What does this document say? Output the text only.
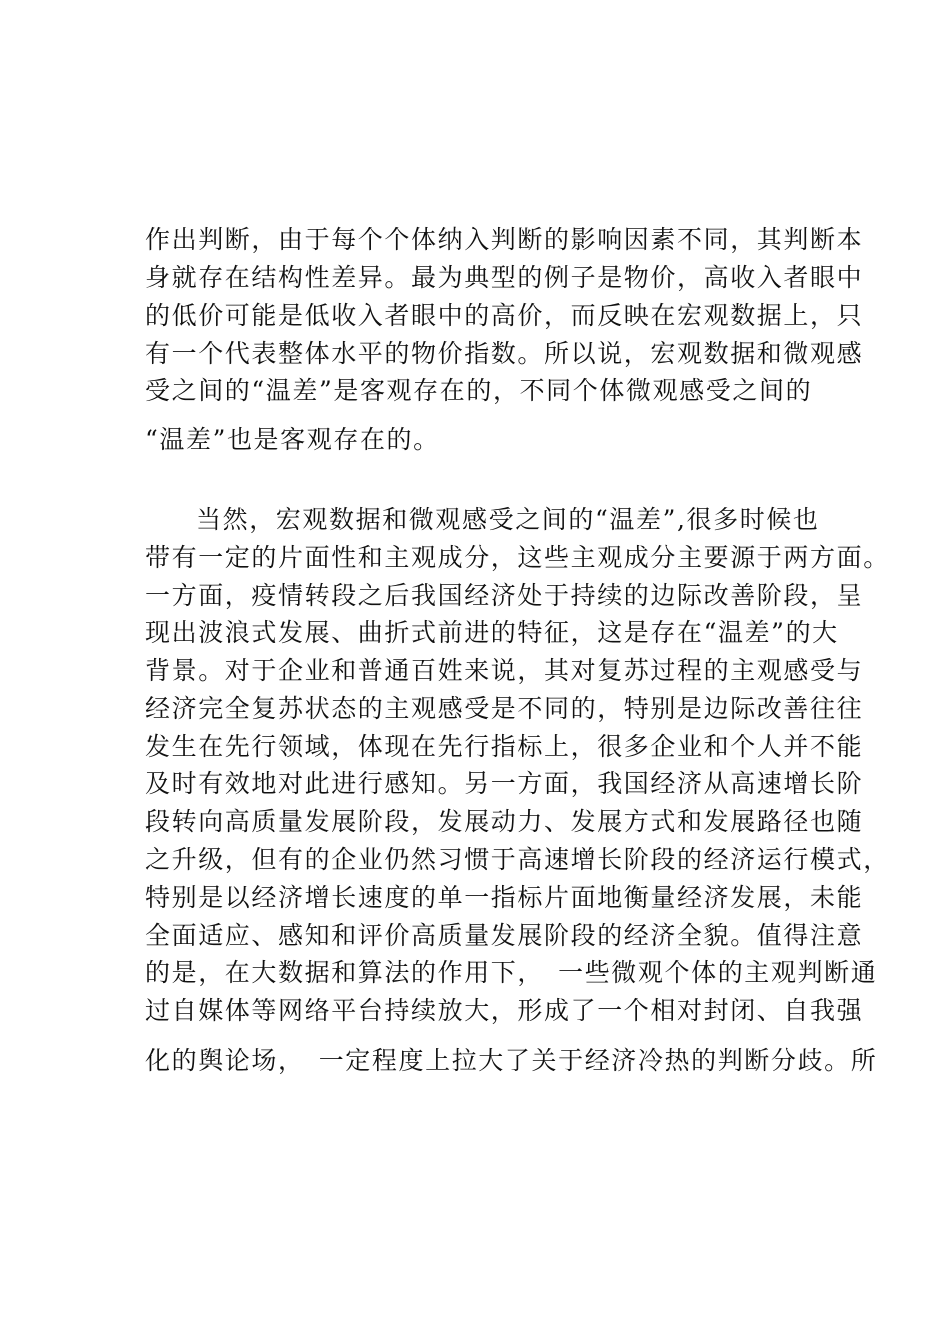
作出判断，由于每个个体纳入判断的影响因素不同，其判断本
身就存在结构性差异。最为典型的例子是物价，高收入者眼中
的低价可能是低收入者眼中的高价，而反映在宏观数据上，只
有一个代表整体水平的物价指数。所以说，宏观数据和微观感
受之间的“温差”是客观存在的，不同个体微观感受之间的
“温差”也是客观存在的。
当然，宏观数据和微观感受之间的“温差”,很多时候也
带有一定的片面性和主观成分，这些主观成分主要源于两方面。
一方面，疫情转段之后我国经济处于持续的边际改善阶段，呈
现出波浪式发展、曲折式前进的特征，这是存在“温差”的大
背景。对于企业和普通百姓来说，其对复苏过程的主观感受与
经济完全复苏状态的主观感受是不同的，特别是边际改善往往
发生在先行领域，体现在先行指标上，很多企业和个人并不能
及时有效地对此进行感知。另一方面，我国经济从高速增长阶
段转向高质量发展阶段，发展动力、发展方式和发展路径也随
之升级，但有的企业仍然习惯于高速增长阶段的经济运行模式，
特别是以经济增长速度的单一指标片面地衡量经济发展，未能
全面适应、感知和评价高质量发展阶段的经济全貌。值得注意
的是，在大数据和算法的作用下，　一些微观个体的主观判断通
过自媒体等网络平台持续放大，形成了一个相对封闭、自我强
化的舆论场，　一定程度上拉大了关于经济冷热的判断分歧。所
